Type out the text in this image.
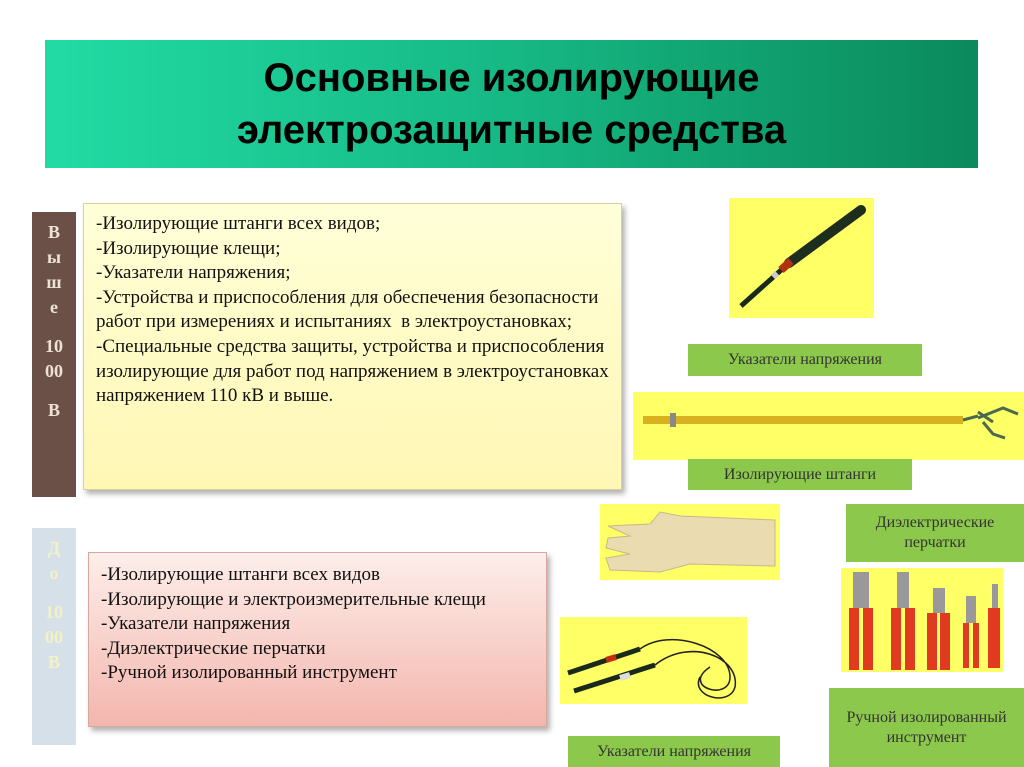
Основные изолирующие
электрозащитные средства
В
ы
ш
е
10
00
В
Д
о
10
00
В
-Изолирующие штанги всех видов;
-Изолирующие клещи;
-Указатели напряжения;
-Устройства и приспособления для обеспечения безопасности работ при измерениях и испытаниях  в электроустановках;
-Специальные средства защиты, устройства и приспособления изолирующие для работ под напряжением в электроустановках напряжением 110 кВ и выше.
-Изолирующие штанги всех видов
-Изолирующие и электроизмерительные клещи
-Указатели напряжения
-Диэлектрические перчатки
-Ручной изолированный инструмент
Указатели напряжения
Изолирующие штанги
Диэлектрические перчатки
Ручной изолированный инструмент
Указатели напряжения
